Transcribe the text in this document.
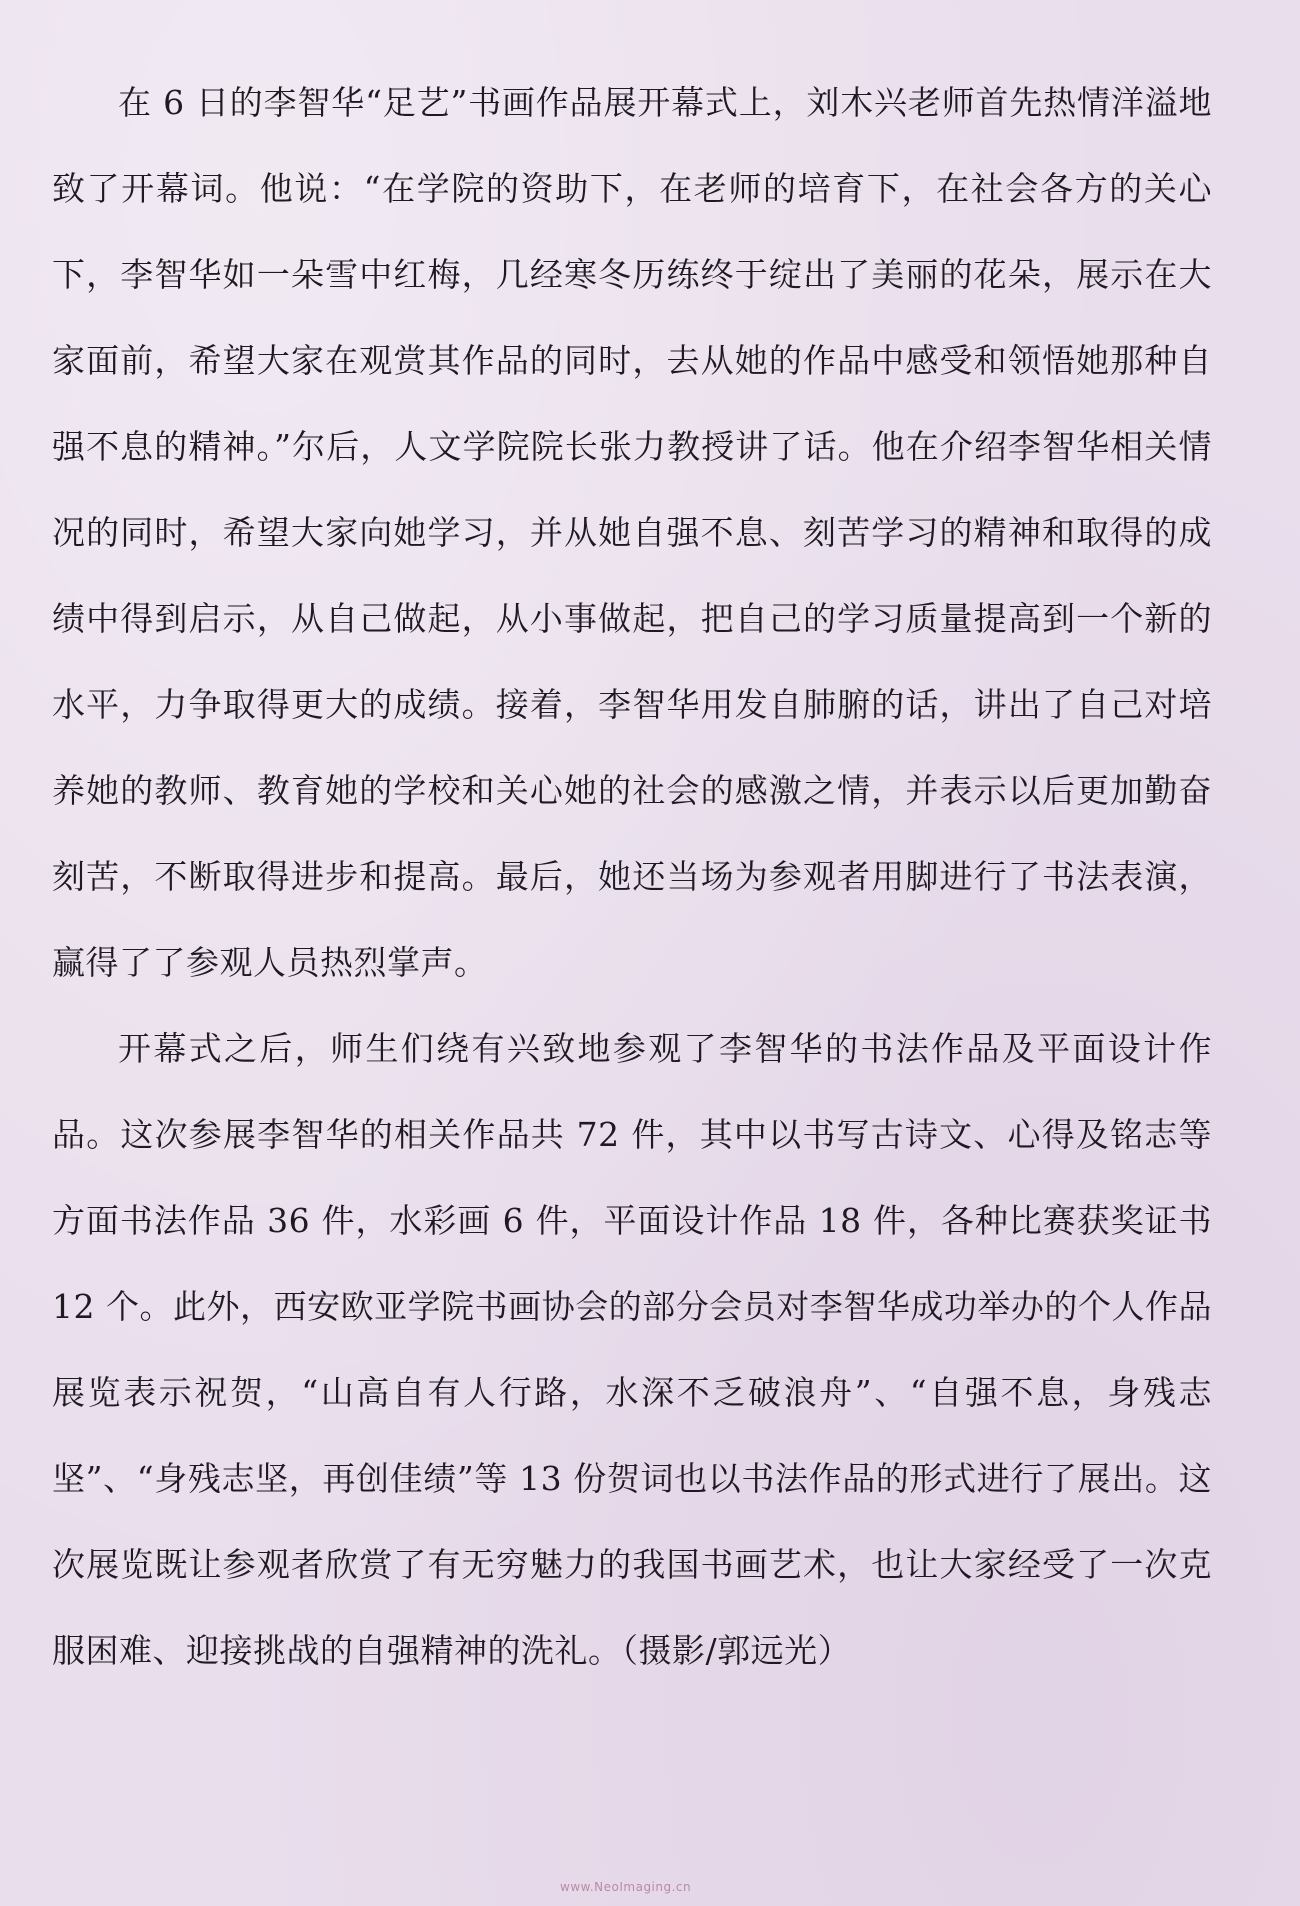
在 6 日的李智华“足艺”书画作品展开幕式上，刘木兴老师首先热情洋溢地致了开幕词。他说：“在学院的资助下，在老师的培育下，在社会各方的关心下，李智华如一朵雪中红梅，几经寒冬历练终于绽出了美丽的花朵，展示在大家面前，希望大家在观赏其作品的同时，去从她的作品中感受和领悟她那种自强不息的精神。”尔后，人文学院院长张力教授讲了话。他在介绍李智华相关情况的同时，希望大家向她学习，并从她自强不息、刻苦学习的精神和取得的成绩中得到启示，从自己做起，从小事做起，把自己的学习质量提高到一个新的水平，力争取得更大的成绩。接着，李智华用发自肺腑的话，讲出了自己对培养她的教师、教育她的学校和关心她的社会的感激之情，并表示以后更加勤奋刻苦，不断取得进步和提高。最后，她还当场为参观者用脚进行了书法表演，赢得了了参观人员热烈掌声。

开幕式之后，师生们绕有兴致地参观了李智华的书法作品及平面设计作品。这次参展李智华的相关作品共 72 件，其中以书写古诗文、心得及铭志等方面书法作品 36 件，水彩画 6 件，平面设计作品 18 件，各种比赛获奖证书 12 个。此外，西安欧亚学院书画协会的部分会员对李智华成功举办的个人作品展览表示祝贺，“山高自有人行路，水深不乏破浪舟”、“自强不息，身残志坚”、“身残志坚，再创佳绩”等 13 份贺词也以书法作品的形式进行了展出。这次展览既让参观者欣赏了有无穷魅力的我国书画艺术，也让大家经受了一次克服困难、迎接挑战的自强精神的洗礼。（摄影/郭远光）

www.NeoImaging.cn
